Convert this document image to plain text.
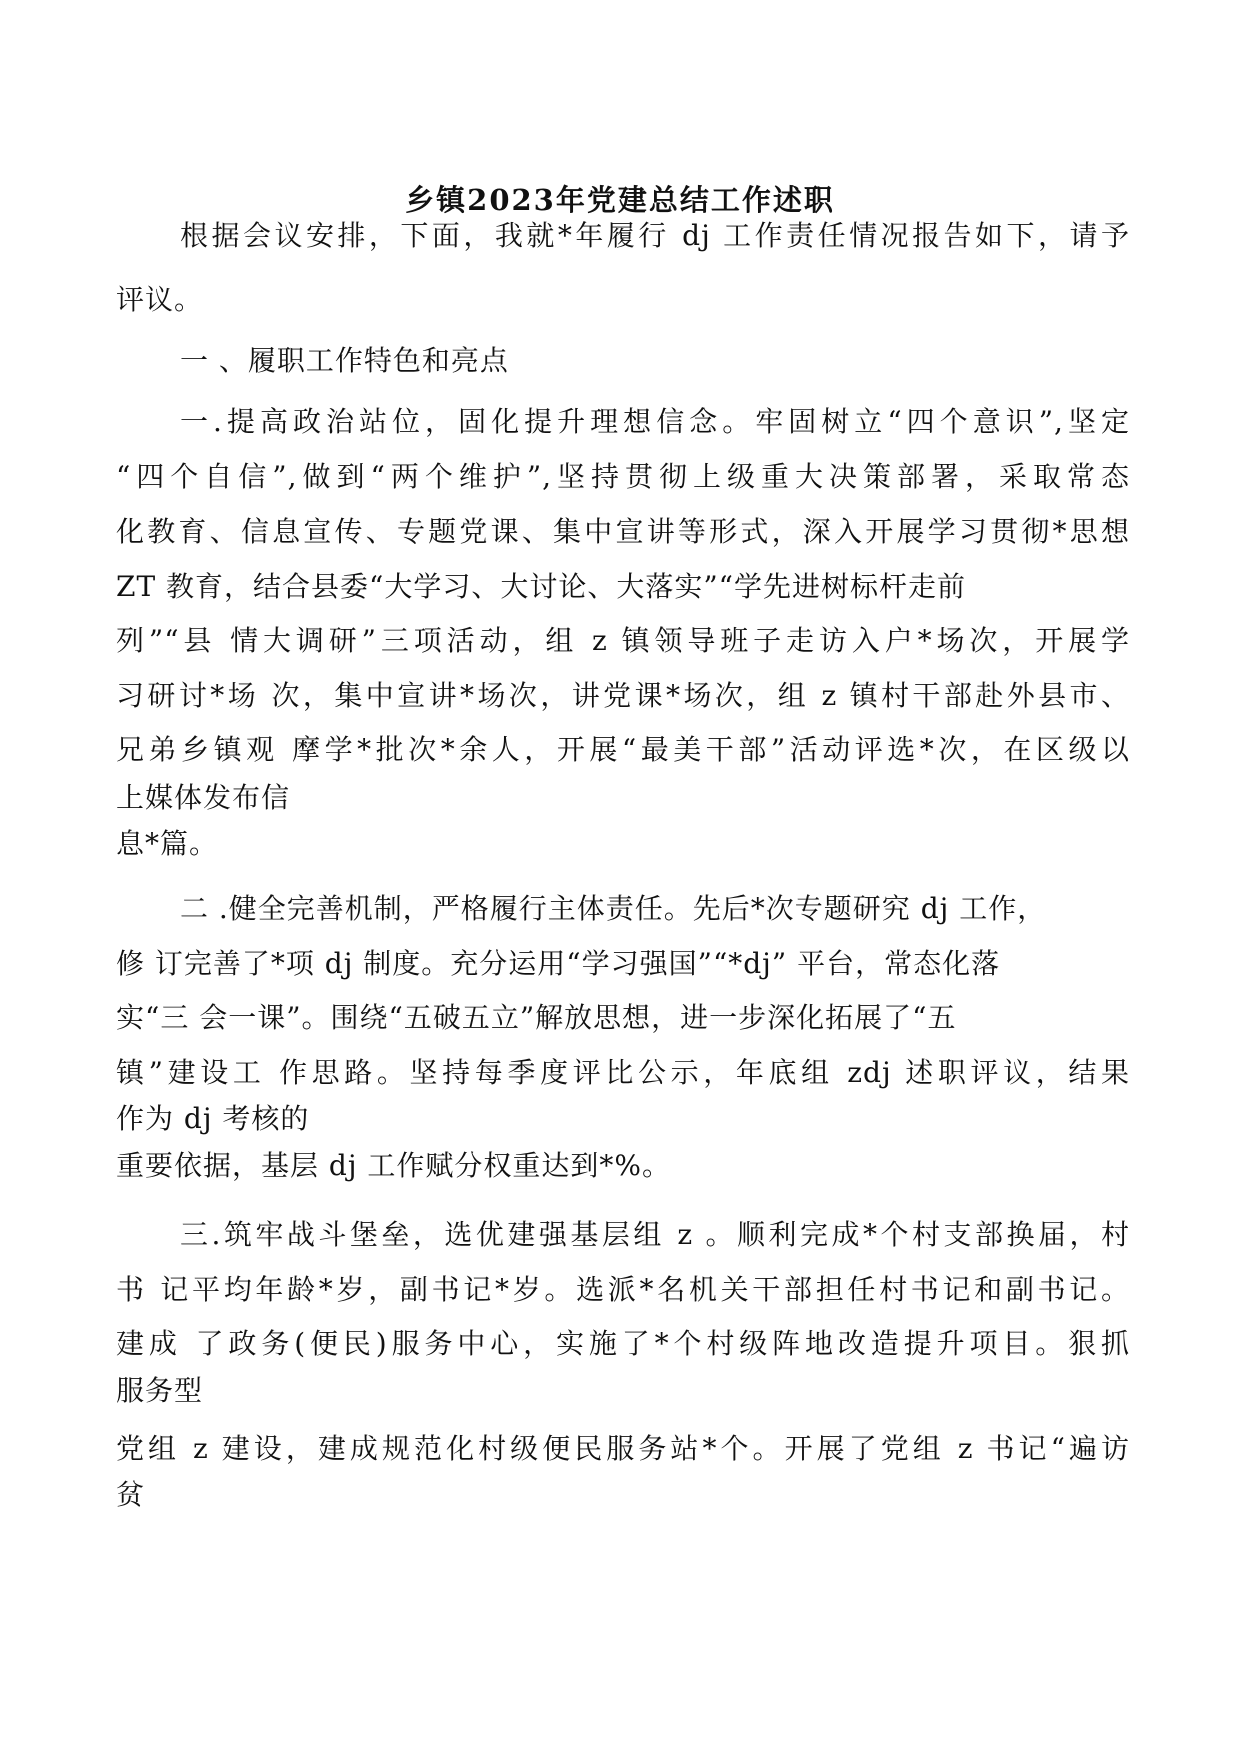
乡镇2023年党建总结工作述职

根据会议安排，下面，我就*年履行 dj 工作责任情况报告如下，请予

评议。

一 、履职工作特色和亮点

一.提高政治站位，固化提升理想信念。牢固树立“四个意识”,坚定

“四个自信”,做到“两个维护”,坚持贯彻上级重大决策部署，采取常态

化教育、信息宣传、专题党课、集中宣讲等形式，深入开展学习贯彻*思想

ZT 教育，结合县委“大学习、大讨论、大落实”“学先进树标杆走前

列”“县 情大调研”三项活动，组 z 镇领导班子走访入户*场次，开展学

习研讨*场 次，集中宣讲*场次，讲党课*场次，组 z 镇村干部赴外县市、

兄弟乡镇观 摩学*批次*余人，开展“最美干部”活动评选*次，在区级以

上媒体发布信

息*篇。

二 .健全完善机制，严格履行主体责任。先后*次专题研究 dj 工作，

修 订完善了*项 dj 制度。充分运用“学习强国”“*dj” 平台，常态化落

实“三 会一课”。围绕“五破五立”解放思想，进一步深化拓展了“五

镇”建设工 作思路。坚持每季度评比公示，年底组 zdj 述职评议，结果

作为 dj 考核的

重要依据，基层 dj 工作赋分权重达到*%。

三.筑牢战斗堡垒，选优建强基层组 z 。顺利完成*个村支部换届，村

书 记平均年龄*岁，副书记*岁。选派*名机关干部担任村书记和副书记。

建成 了政务(便民)服务中心，实施了*个村级阵地改造提升项目。狠抓

服务型

党组 z 建设，建成规范化村级便民服务站*个。开展了党组 z 书记“遍访

贫
